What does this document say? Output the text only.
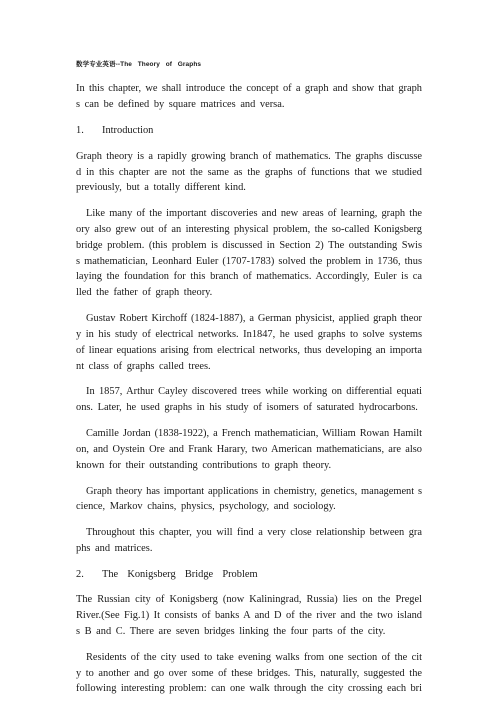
数学专业英语--The   Theory   of   Graphs
In this chapter, we shall introduce the concept of a graph and show that graph
s can be defined by square matrices and versa.
1. Introduction
Graph theory is a rapidly growing branch of mathematics. The graphs discusse
d in this chapter are not the same as the graphs of functions that we studied
previously, but a totally different kind.
Like many of the important discoveries and new areas of learning, graph the
ory also grew out of an interesting physical problem, the so-called Konigsberg
bridge problem. (this problem is discussed in Section 2) The outstanding Swis
s mathematician, Leonhard Euler (1707-1783) solved the problem in 1736, thus
laying the foundation for this branch of mathematics. Accordingly, Euler is ca
lled the father of graph theory.
Gustav Robert Kirchoff (1824-1887), a German physicist, applied graph theor
y in his study of electrical networks. In1847, he used graphs to solve systems
of linear equations arising from electrical networks, thus developing an importa
nt class of graphs called trees.
In 1857, Arthur Cayley discovered trees while working on differential equati
ons. Later, he used graphs in his study of isomers of saturated hydrocarbons.
Camille Jordan (1838-1922), a French mathematician, William Rowan Hamilt
on, and Oystein Ore and Frank Harary, two American mathematicians, are also
known for their outstanding contributions to graph theory.
Graph theory has important applications in chemistry, genetics, management s
cience, Markov chains, physics, psychology, and sociology.
Throughout this chapter, you will find a very close relationship between gra
phs and matrices.
2. The  Konigsberg  Bridge  Problem
The Russian city of Konigsberg (now Kaliningrad, Russia) lies on the Pregel
River.(See Fig.1) It consists of banks A and D of the river and the two island
s B and C. There are seven bridges linking the four parts of the city.
Residents of the city used to take evening walks from one section of the cit
y to another and go over some of these bridges. This, naturally, suggested the
following interesting problem: can one walk through the city crossing each bri
